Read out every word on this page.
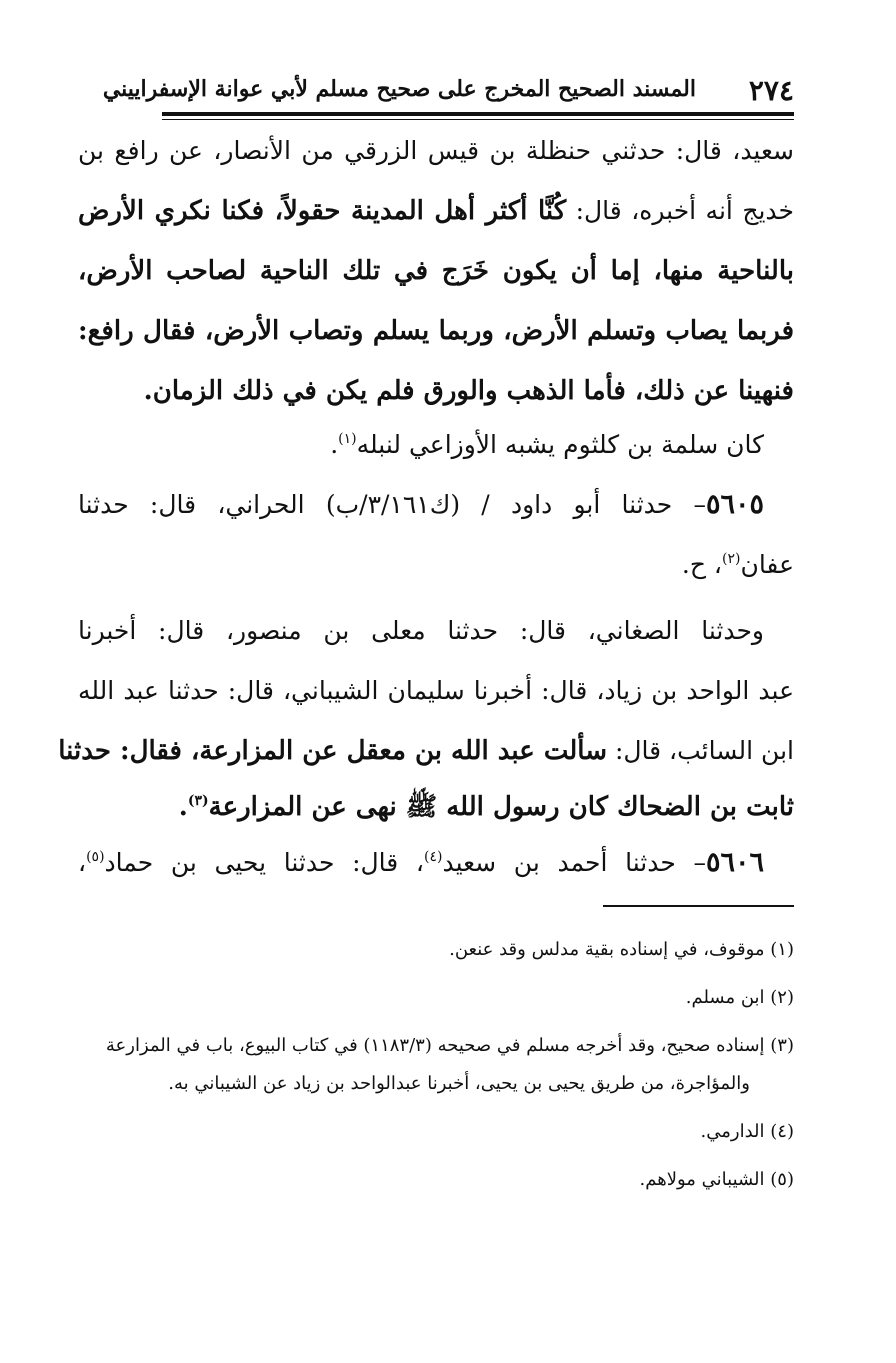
٢٧٤
المسند الصحيح المخرج على صحيح مسلم لأبي عوانة الإسفراييني
سعيد، قال: حدثني حنظلة بن قيس الزرقي من الأنصار، عن رافع بن
خديج أنه أخبره، قال: كُنَّا أكثر أهل المدينة حقولاً، فكنا نكري الأرض
بالناحية منها، إما أن يكون خَرَج في تلك الناحية لصاحب الأرض،
فربما يصاب وتسلم الأرض، وربما يسلم وتصاب الأرض، فقال رافع:
فنهينا عن ذلك، فأما الذهب والورق فلم يكن في ذلك الزمان.
كان سلمة بن كلثوم يشبه الأوزاعي لنبله$^{(١)}$.
٥٦٠٥– حدثنا أبو داود / (ك٣/١٦١/ب) الحراني، قال: حدثنا
عفان$^{(٢)}$، ح.
وحدثنا الصغاني، قال: حدثنا معلى بن منصور، قال: أخبرنا
عبد الواحد بن زياد، قال: أخبرنا سليمان الشيباني، قال: حدثنا عبد الله
ابن السائب، قال: سألت عبد الله بن معقل عن المزارعة، فقال: حدثنا
ثابت بن الضحاك كان رسول الله ﷺ نهى عن المزارعة$^{(٣)}$.
٥٦٠٦– حدثنا أحمد بن سعيد$^{(٤)}$، قال: حدثنا يحيى بن حماد$^{(٥)}$،
(١) موقوف، في إسناده بقية مدلس وقد عنعن.
(٢) ابن مسلم.
(٣) إسناده صحيح، وقد أخرجه مسلم في صحيحه (١١٨٣/٣) في كتاب البيوع، باب في المزارعة
والمؤاجرة، من طريق يحيى بن يحيى، أخبرنا عبدالواحد بن زياد عن الشيباني به.
(٤) الدارمي.
(٥) الشيباني مولاهم.
